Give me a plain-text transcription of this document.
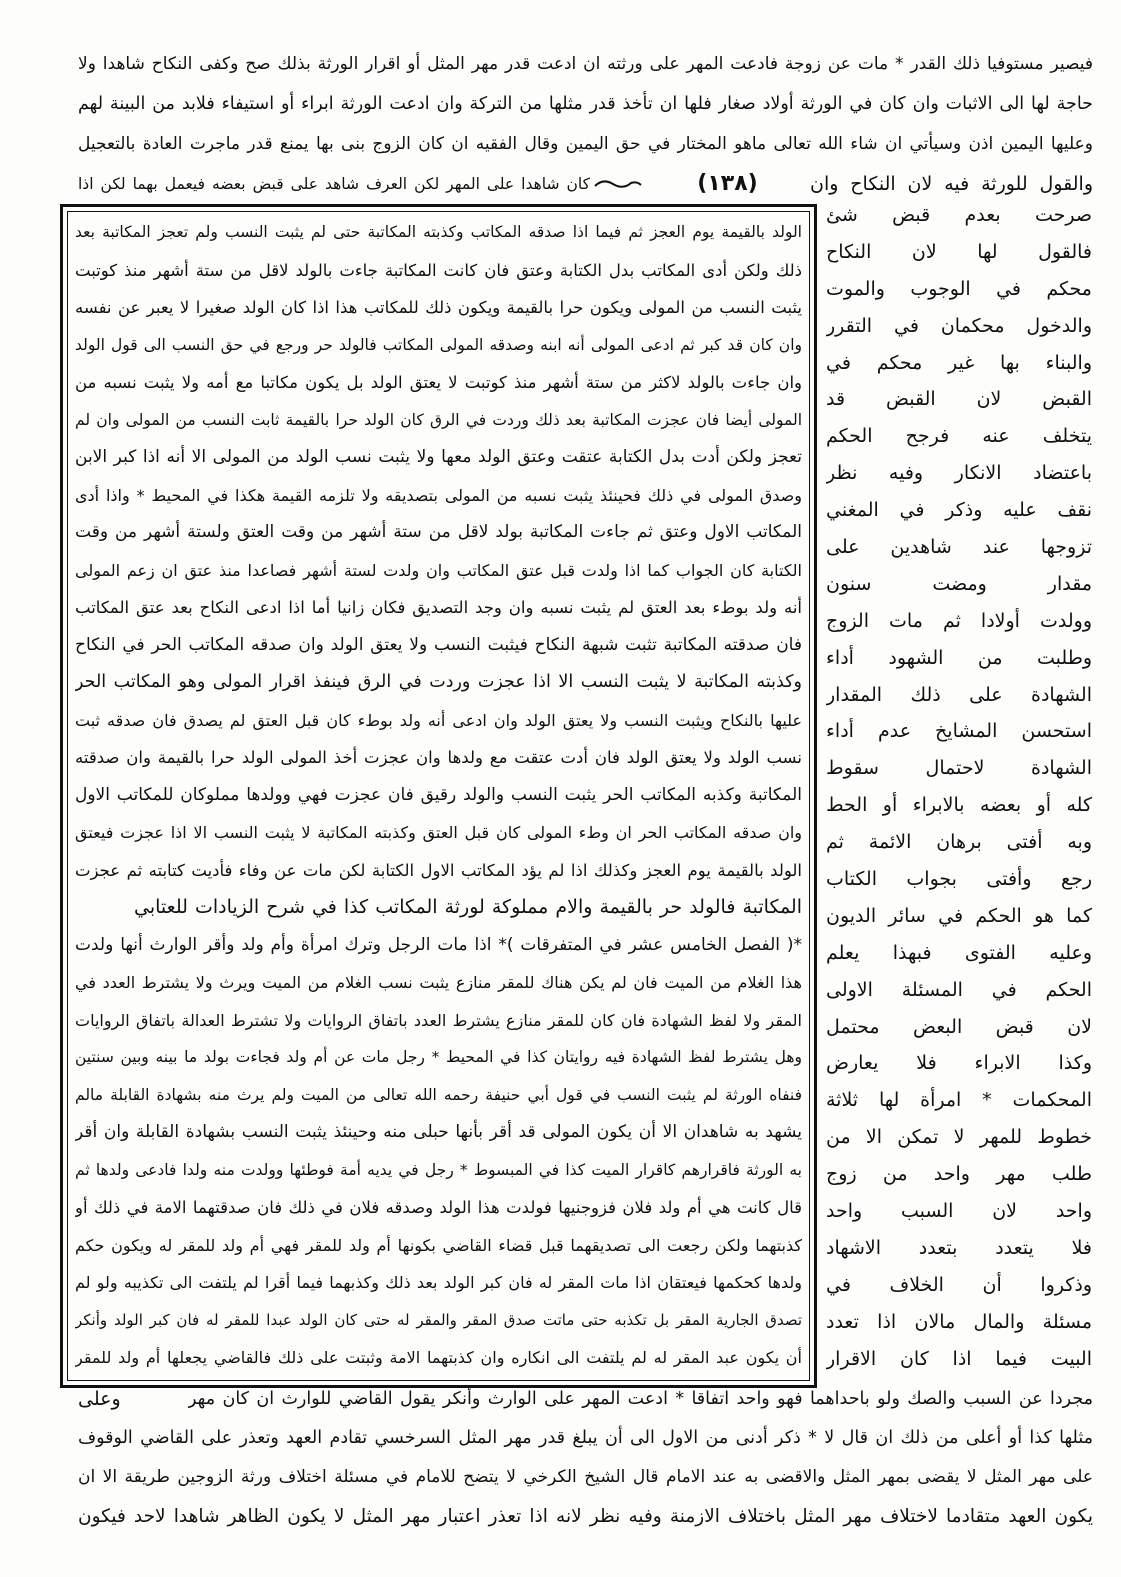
فيصير مستوفيا ذلك القدر * مات عن زوجة فادعت المهر على ورثته ان ادعت قدر مهر المثل أو اقرار الورثة بذلك صح وكفى النكاح شاهدا ولا
حاجة لها الى الاثبات وان كان في الورثة أولاد صغار فلها ان تأخذ قدر مثلها من التركة وان ادعت الورثة ابراء أو استيفاء فلابد من البينة لهم
وعليها اليمين اذن وسيأتي ان شاء الله تعالى ماهو المختار في حق اليمين وقال الفقيه ان كان الزوج بنى بها يمنع قدر ماجرت العادة بالتعجيل
والقول للورثة فيه لان النكاح وان
(١٣٨)
كان شاهدا على المهر لكن العرف شاهد على قبض بعضه فيعمل بهما لكن اذا
الولد بالقيمة يوم العجز ثم فيما اذا صدقه المكاتب وكذبته المكاتبة حتى لم يثبت النسب ولم تعجز المكاتبة بعد
ذلك ولكن أدى المكاتب بدل الكتابة وعتق فان كانت المكاتبة جاءت بالولد لاقل من ستة أشهر منذ كوتبت
يثبت النسب من المولى ويكون حرا بالقيمة ويكون ذلك للمكاتب هذا اذا كان الولد صغيرا لا يعبر عن نفسه
وان كان قد كبر ثم ادعى المولى أنه ابنه وصدقه المولى المكاتب فالولد حر ورجع في حق النسب الى قول الولد
وان جاءت بالولد لاكثر من ستة أشهر منذ كوتبت لا يعتق الولد بل يكون مكاتبا مع أمه ولا يثبت نسبه من
المولى أيضا فان عجزت المكاتبة بعد ذلك وردت في الرق كان الولد حرا بالقيمة ثابت النسب من المولى وان لم
تعجز ولكن أدت بدل الكتابة عتقت وعتق الولد معها ولا يثبت نسب الولد من المولى الا أنه اذا كبر الابن
وصدق المولى في ذلك فحينئذ يثبت نسبه من المولى بتصديقه ولا تلزمه القيمة هكذا في المحيط * واذا أدى
المكاتب الاول وعتق ثم جاءت المكاتبة بولد لاقل من ستة أشهر من وقت العتق ولستة أشهر من وقت
الكتابة كان الجواب كما اذا ولدت قبل عتق المكاتب وان ولدت لستة أشهر فصاعدا منذ عتق ان زعم المولى
أنه ولد بوطء بعد العتق لم يثبت نسبه وان وجد التصديق فكان زانيا أما اذا ادعى النكاح بعد عتق المكاتب
فان صدقته المكاتبة تثبت شبهة النكاح فيثبت النسب ولا يعتق الولد وان صدقه المكاتب الحر في النكاح
وكذبته المكاتبة لا يثبت النسب الا اذا عجزت وردت في الرق فينفذ اقرار المولى وهو المكاتب الحر
عليها بالنكاح ويثبت النسب ولا يعتق الولد وان ادعى أنه ولد بوطء كان قبل العتق لم يصدق فان صدقه ثبت
نسب الولد ولا يعتق الولد فان أدت عتقت مع ولدها وان عجزت أخذ المولى الولد حرا بالقيمة وان صدقته
المكاتبة وكذبه المكاتب الحر يثبت النسب والولد رقيق فان عجزت فهي وولدها مملوكان للمكاتب الاول
وان صدقه المكاتب الحر ان وطء المولى كان قبل العتق وكذبته المكاتبة لا يثبت النسب الا اذا عجزت فيعتق
الولد بالقيمة يوم العجز وكذلك اذا لم يؤد المكاتب الاول الكتابة لكن مات عن وفاء فأديت كتابته ثم عجزت
المكاتبة فالولد حر بالقيمة والام مملوكة لورثة المكاتب كذا في شرح الزيادات للعتابي
*( الفصل الخامس عشر في المتفرقات )* اذا مات الرجل وترك امرأة وأم ولد وأقر الوارث أنها ولدت
هذا الغلام من الميت فان لم يكن هناك للمقر منازع يثبت نسب الغلام من الميت ويرث ولا يشترط العدد في
المقر ولا لفظ الشهادة فان كان للمقر منازع يشترط العدد باتفاق الروايات ولا تشترط العدالة باتفاق الروايات
وهل يشترط لفظ الشهادة فيه روايتان كذا في المحيط * رجل مات عن أم ولد فجاءت بولد ما بينه وبين سنتين
فنفاه الورثة لم يثبت النسب في قول أبي حنيفة رحمه الله تعالى من الميت ولم يرث منه بشهادة القابلة مالم
يشهد به شاهدان الا أن يكون المولى قد أقر بأنها حبلى منه وحينئذ يثبت النسب بشهادة القابلة وان أقر
به الورثة فاقرارهم كاقرار الميت كذا في المبسوط * رجل في يديه أمة فوطئها وولدت منه ولدا فادعى ولدها ثم
قال كانت هي أم ولد فلان فزوجنيها فولدت هذا الولد وصدقه فلان في ذلك فان صدقتهما الامة في ذلك أو
كذبتهما ولكن رجعت الى تصديقهما قبل قضاء القاضي بكونها أم ولد للمقر فهي أم ولد للمقر له ويكون حكم
ولدها كحكمها فيعتقان اذا مات المقر له فان كبر الولد بعد ذلك وكذبهما فيما أقرا لم يلتفت الى تكذيبه ولو لم
تصدق الجارية المقر بل تكذبه حتى ماتت صدق المقر والمقر له حتى كان الولد عبدا للمقر له فان كبر الولد وأنكر
أن يكون عبد المقر له لم يلتفت الى انكاره وان كذبتهما الامة وثبتت على ذلك فالقاضي يجعلها أم ولد للمقر
صرحت بعدم قبض شئ
فالقول لها لان النكاح
محكم في الوجوب والموت
والدخول محكمان في التقرر
والبناء بها غير محكم في
القبض لان القبض قد
يتخلف عنه فرجح الحكم
باعتضاد الانكار وفيه نظر
نقف عليه وذكر في المغني
تزوجها عند شاهدين على
مقدار ومضت سنون
وولدت أولادا ثم مات الزوج
وطلبت من الشهود أداء
الشهادة على ذلك المقدار
استحسن المشايخ عدم أداء
الشهادة لاحتمال سقوط
كله أو بعضه بالابراء أو الحط
وبه أفتى برهان الائمة ثم
رجع وأفتى بجواب الكتاب
كما هو الحكم في سائر الديون
وعليه الفتوى فبهذا يعلم
الحكم في المسئلة الاولى
لان قبض البعض محتمل
وكذا الابراء فلا يعارض
المحكمات * امرأة لها ثلاثة
خطوط للمهر لا تمكن الا من
طلب مهر واحد من زوج
واحد لان السبب واحد
فلا يتعدد بتعدد الاشهاد
وذكروا أن الخلاف في
مسئلة والمال مالان اذا تعدد
البيت فيما اذا كان الاقرار
مجردا عن السبب والصك ولو باحداهما فهو واحد اتفاقا * ادعت المهر على الوارث وأنكر يقول القاضي للوارث ان كان مهر
وعلى
مثلها كذا أو أعلى من ذلك ان قال لا * ذكر أدنى من الاول الى أن يبلغ قدر مهر المثل السرخسي تقادم العهد وتعذر على القاضي الوقوف
على مهر المثل لا يقضى بمهر المثل والاقضى به عند الامام قال الشيخ الكرخي لا يتضح للامام في مسئلة اختلاف ورثة الزوجين طريقة الا ان
يكون العهد متقادما لاختلاف مهر المثل باختلاف الازمنة وفيه نظر لانه اذا تعذر اعتبار مهر المثل لا يكون الظاهر شاهدا لاحد فيكون
